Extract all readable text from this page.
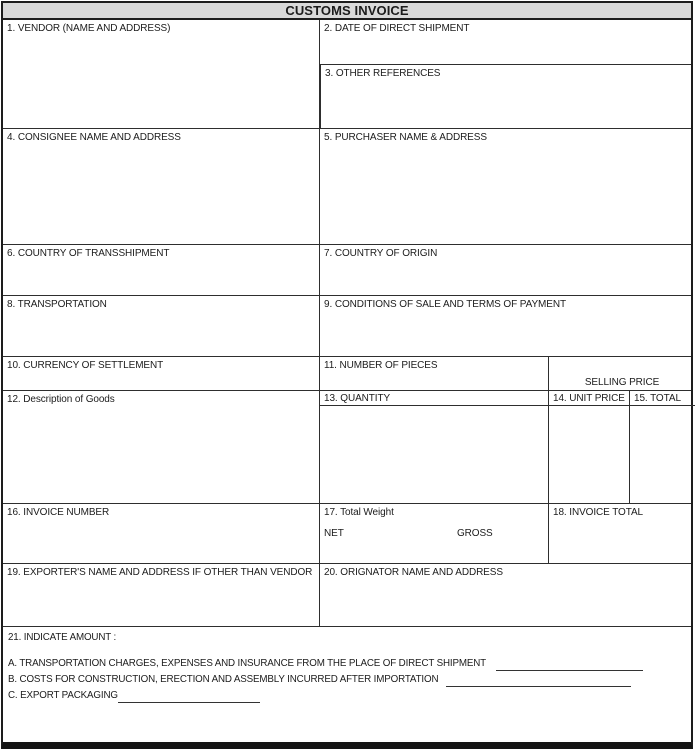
CUSTOMS INVOICE
1. VENDOR (NAME AND ADDRESS)	2. DATE OF DIRECT SHIPMENT
3. OTHER REFERENCES
4. CONSIGNEE NAME AND ADDRESS	5. PURCHASER NAME & ADDRESS
6. COUNTRY OF TRANSSHIPMENT	7. COUNTRY OF ORIGIN
8. TRANSPORTATION	9. CONDITIONS OF SALE AND TERMS OF PAYMENT
10. CURRENCY OF SETTLEMENT	11. NUMBER OF PIECES
SELLING PRICE
12. Description of Goods	13. QUANTITY	14. UNIT PRICE 15. TOTAL
16. INVOICE NUMBER	17. Total Weight
NET	GROSS
18. INVOICE TOTAL
19. EXPORTER'S NAME AND ADDRESS IF OTHER THAN VENDOR	20. ORIGNATOR NAME AND ADDRESS
21. INDICATE AMOUNT :
A. TRANSPORTATION CHARGES, EXPENSES AND INSURANCE FROM THE PLACE OF DIRECT SHIPMENT
B. COSTS FOR CONSTRUCTION, ERECTION AND ASSEMBLY INCURRED AFTER IMPORTATION
C. EXPORT PACKAGING
